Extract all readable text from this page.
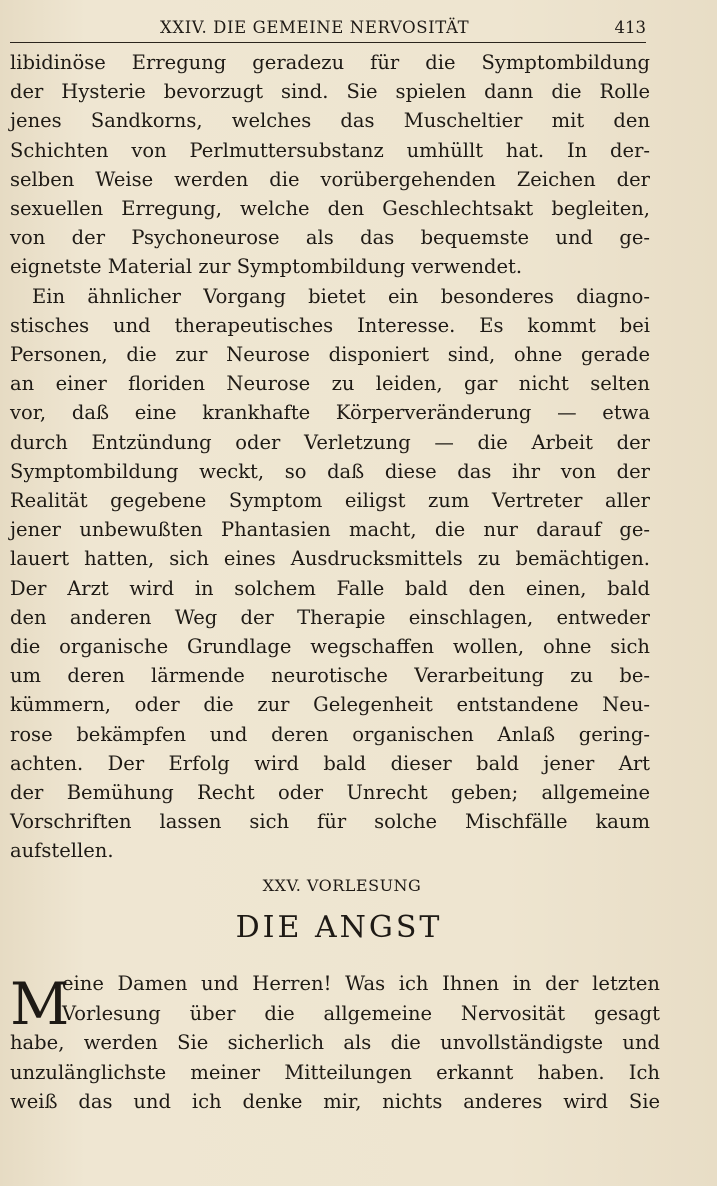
XXIV. DIE GEMEINE NERVOSITÄT	413
libidinöse Erregung geradezu für die Symptombildung
der Hysterie bevorzugt sind. Sie spielen dann die Rolle
jenes Sandkorns, welches das Muscheltier mit den
Schichten von Perlmuttersubstanz umhüllt hat. In der-
selben Weise werden die vorübergehenden Zeichen der
sexuellen Erregung, welche den Geschlechtsakt begleiten,
von der Psychoneurose als das bequemste und ge-
eignetste Material zur Symptombildung verwendet.
Ein ähnlicher Vorgang bietet ein besonderes diagno-
stisches und therapeutisches Interesse. Es kommt bei
Personen, die zur Neurose disponiert sind, ohne gerade
an einer floriden Neurose zu leiden, gar nicht selten
vor, daß eine krankhafte Körperveränderung — etwa
durch Entzündung oder Verletzung — die Arbeit der
Symptombildung weckt, so daß diese das ihr von der
Realität gegebene Symptom eiligst zum Vertreter aller
jener unbewußten Phantasien macht, die nur darauf ge-
lauert hatten, sich eines Ausdrucksmittels zu bemächtigen.
Der Arzt wird in solchem Falle bald den einen, bald
den anderen Weg der Therapie einschlagen, entweder
die organische Grundlage wegschaffen wollen, ohne sich
um deren lärmende neurotische Verarbeitung zu be-
kümmern, oder die zur Gelegenheit entstandene Neu-
rose bekämpfen und deren organischen Anlaß gering-
achten. Der Erfolg wird bald dieser bald jener Art
der Bemühung Recht oder Unrecht geben; allgemeine
Vorschriften lassen sich für solche Mischfälle kaum
aufstellen.
XXV. VORLESUNG
DIE ANGST
M
eine Damen und Herren! Was ich Ihnen in der letzten
Vorlesung über die allgemeine Nervosität gesagt
habe, werden Sie sicherlich als die unvollständigste und
unzulänglichste meiner Mitteilungen erkannt haben. Ich
weiß das und ich denke mir, nichts anderes wird Sie
